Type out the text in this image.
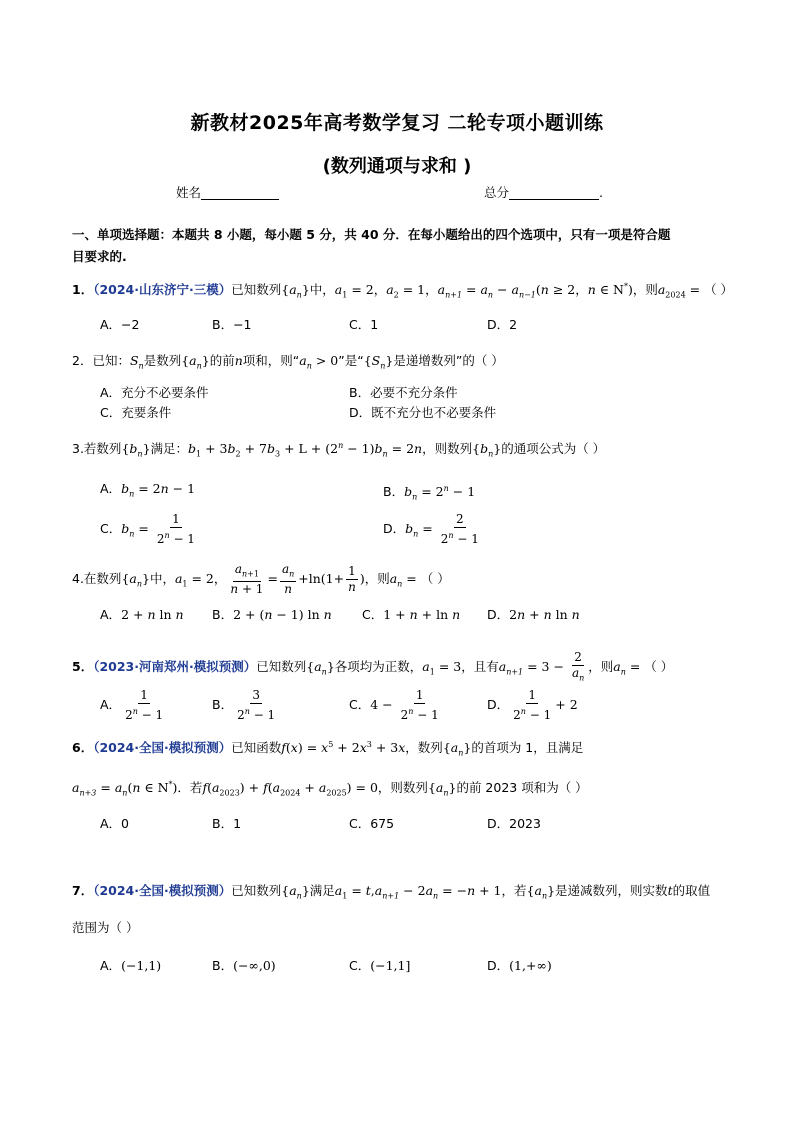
新教材2025年高考数学复习 二轮专项小题训练
(数列通项与求和 )
姓名	总分	.
一、单项选择题：本题共 8 小题，每小题 5 分，共 40 分．在每小题给出的四个选项中，只有一项是符合题
目要求的.
1．（2024·山东济宁·三模）已知数列$\{a_n\}$中，$a_1 = 2$，$a_2 = 1$，$a_{n+1} = a_n - a_{n-1}(n \ge 2$，n ∈ N*)，则$a_{2024}$ = （ ）
A．−2	B．−1	C．1	D．2
2．已知：$S_n$是数列$\{a_n\}$的前n项和，则“$a_n > 0$”是“$\{S_n\}$是递增数列”的（ ）
A．充分不必要条件	B．必要不充分条件
C．充要条件	D．既不充分也不必要条件
3.若数列$\{b_n\}$满足：$b_1 + 3b_2 + 7b_3 + L + (2^n - 1)b_n = 2n$，则数列$\{b_n\}$的通项公式为（ ）
A．$b_n = 2n - 1$	B．$b_n = 2^n - 1$
C．$b_n = \frac{1}{2^n - 1}$	D．$b_n = \frac{2}{2^n - 1}$
4.在数列$\{a_n\}$中，$a_1 = 2$， $\frac{a_{n+1}}{n + 1} = \frac{a_n}{n} +\ln(1+ \frac{1}{n}$ )，则$a_n$ = （ ）
A．2 + n ln n B．2 + (n − 1) ln n C．1 + n + ln n D．2n + n ln n
5．（2023·河南郑州·模拟预测）已知数列$\{a_n\}$各项均为正数，$a_1 = 3$，且有$a_{n+1} = 3 - \frac{2}{a_n}$ ，则$a_n$ = （ ）
A． $\frac{1}{2^n - 1}$	B． $\frac{3}{2^n - 1}$	C．$4 - \frac{1}{2^n - 1}$	D． $\frac{1}{2^n - 1} + 2$
6．（2024·全国·模拟预测）已知函数$f(x) = x^5 + 2x^3 + 3x$，数列$\{a_n\}$的首项为 1，且满足
$a_{n+3} = a_n(n$ ∈ N*)．若$f(a_{2023}) + f(a_{2024} + a_{2025}) = 0$，则数列$\{a_n\}$的前 2023 项和为（ ）
A．0	B．1	C．675	D．2023
7．（2024·全国·模拟预测）已知数列$\{a_n\}$满足$a_1 = t,a_{n+1} - 2a_n = -n + 1$，若$\{a_n\}$是递减数列，则实数t的取值
范围为（ ）
A．(−1,1)	B．(−∞,0)	C．(−1,1]	D．(1,+∞)
